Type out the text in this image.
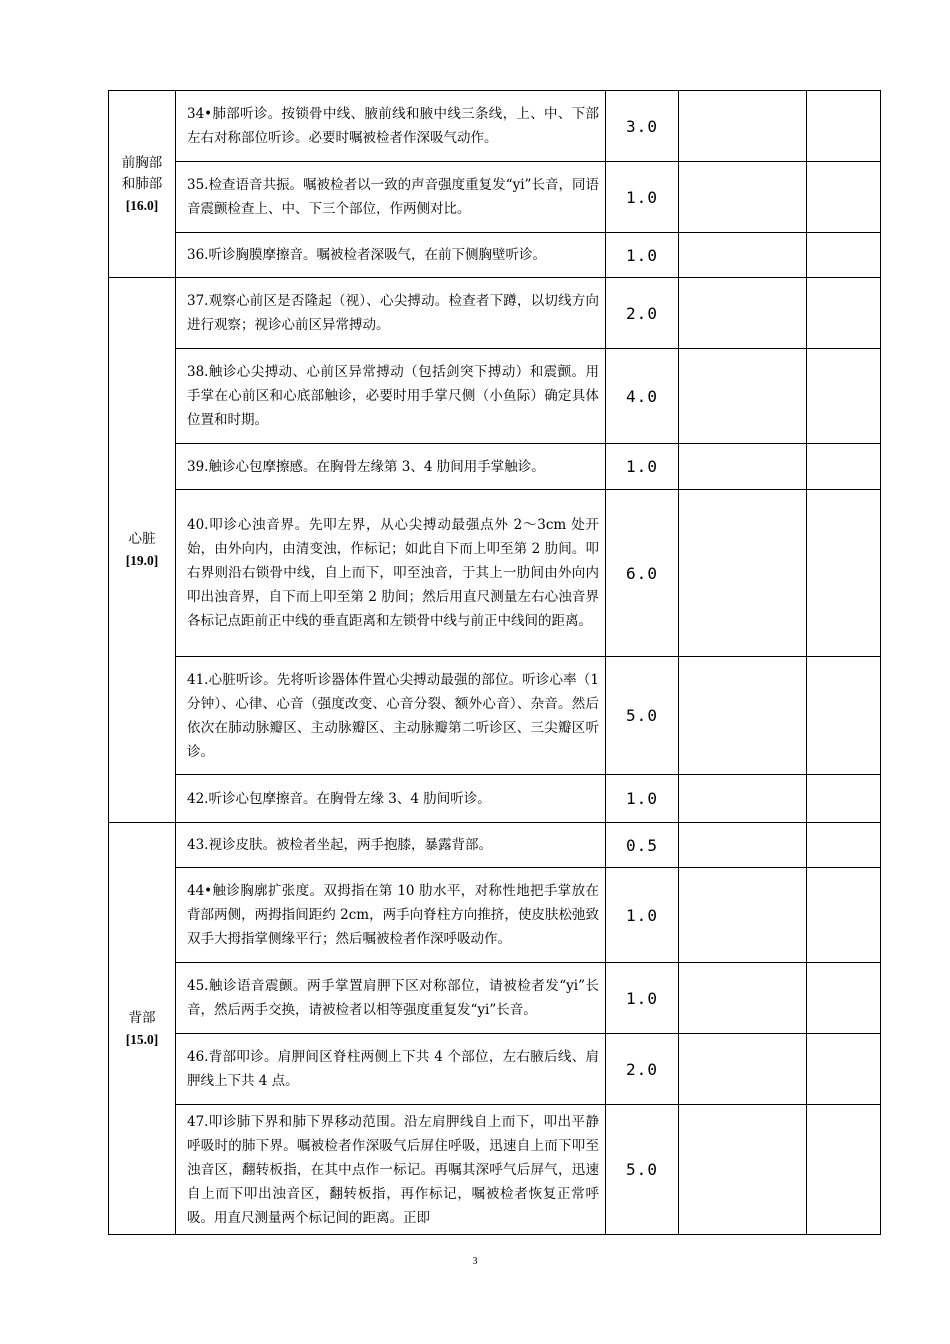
前胸部
和肺部
[16.0]	34•肺部听诊。按锁骨中线、腋前线和腋中线三条线，上、中、下部左右对称部位听诊。必要时嘱被检者作深吸气动作。	3.0		
	35.检查语音共振。嘱被检者以一致的声音强度重复发“yi”长音，同语音震颤检查上、中、下三个部位，作两侧对比。	1.0		
	36.听诊胸膜摩擦音。嘱被检者深吸气，在前下侧胸壁听诊。	1.0		

心脏
[19.0]	37.观察心前区是否隆起（视）、心尖搏动。检查者下蹲，以切线方向进行观察；视诊心前区异常搏动。	2.0		
	38.触诊心尖搏动、心前区异常搏动（包括剑突下搏动）和震颤。用手掌在心前区和心底部触诊，必要时用手掌尺侧（小鱼际）确定具体位置和时期。	4.0		
	39.触诊心包摩擦感。在胸骨左缘第 3、4 肋间用手掌触诊。	1.0		
	40.叩诊心浊音界。先叩左界，从心尖搏动最强点外 2～3cm 处开始，由外向内，由清变浊，作标记；如此自下而上叩至第 2 肋间。叩右界则沿右锁骨中线，自上而下，叩至浊音，于其上一肋间由外向内叩出浊音界，自下而上叩至第 2 肋间；然后用直尺测量左右心浊音界各标记点距前正中线的垂直距离和左锁骨中线与前正中线间的距离。	6.0		
	41.心脏听诊。先将听诊器体件置心尖搏动最强的部位。听诊心率（1 分钟）、心律、心音（强度改变、心音分裂、额外心音）、杂音。然后依次在肺动脉瓣区、主动脉瓣区、主动脉瓣第二听诊区、三尖瓣区听诊。	5.0		
	42.听诊心包摩擦音。在胸骨左缘 3、4 肋间听诊。	1.0		

背部
[15.0]	43.视诊皮肤。被检者坐起，两手抱膝，暴露背部。	0.5		

	44•触诊胸廓扩张度。双拇指在第 10 肋水平，对称性地把手掌放在背部两侧，两拇指间距约 2cm，两手向脊柱方向推挤，使皮肤松弛致双手大拇指掌侧缘平行；然后嘱被检者作深呼吸动作。	1.0		

	45.触诊语音震颤。两手掌置肩胛下区对称部位，请被检者发“yi”长音，然后两手交换，请被检者以相等强度重复发“yi”长音。	1.0		
	46.背部叩诊。肩胛间区脊柱两侧上下共 4 个部位，左右腋后线、肩胛线上下共 4 点。	2.0		

	47.叩诊肺下界和肺下界移动范围。沿左肩胛线自上而下，叩出平静呼吸时的肺下界。嘱被检者作深吸气后屏住呼吸，迅速自上而下叩至浊音区，翻转板指，在其中点作一标记。再嘱其深呼气后屏气，迅速自上而下叩出浊音区，翻转板指，再作标记，嘱被检者恢复正常呼吸。用直尺测量两个标记间的距离。正即	5.0		
3
